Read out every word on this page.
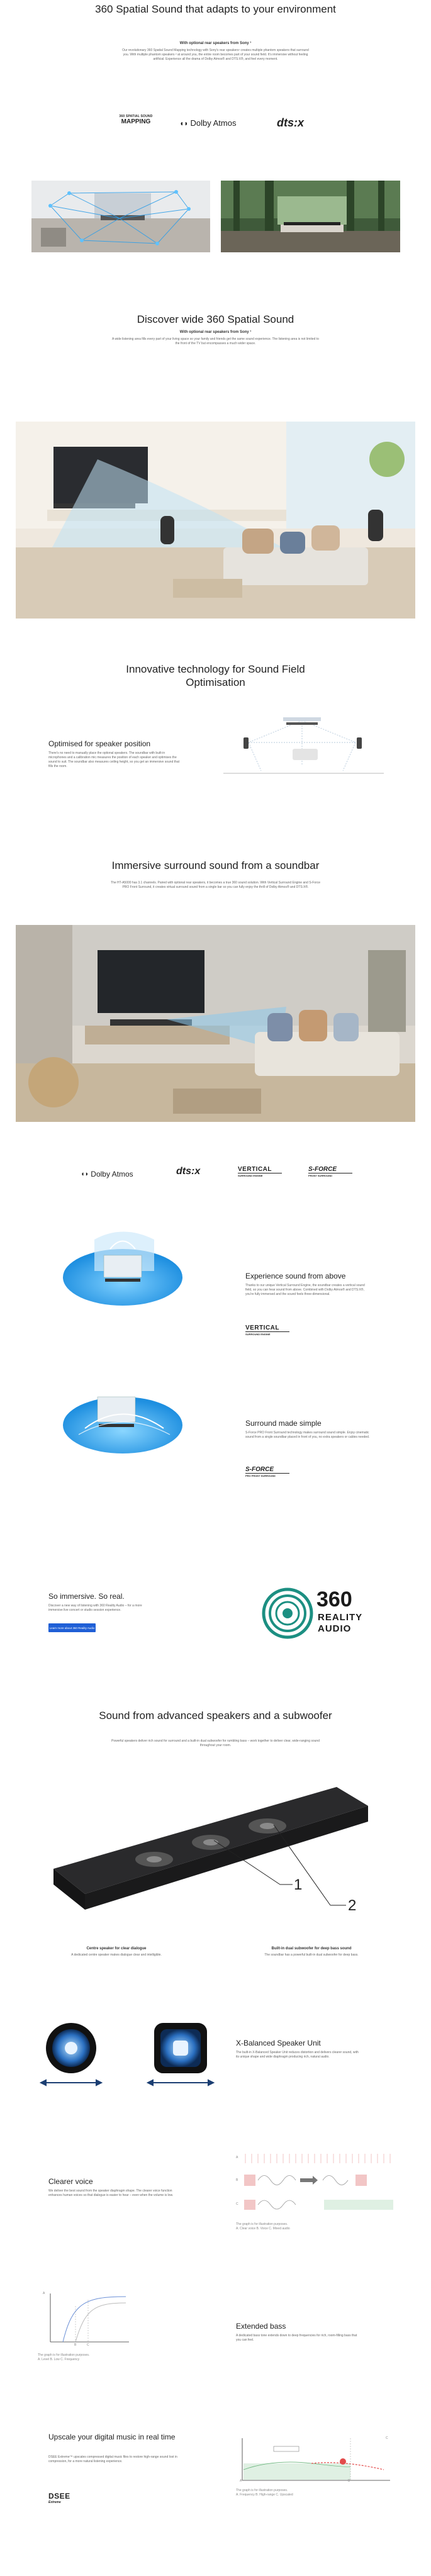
360 Spatial Sound that adapts to your environment
With optional rear speakers from Sony ¹

Our revolutionary 360 Spatial Sound Mapping technology with Sony's rear speakers¹ creates multiple phantom speakers that surround you. With multiple phantom speakers ² at around you, the entire room becomes part of your sound field. It's immersive without feeling artificial. Experience all the drama of Dolby Atmos® and DTS:X®, and feel every moment.

360 SPATIAL SOUND
MAPPING	◖◗ Dolby Atmos	dts:x
Discover wide 360 Spatial Sound
With optional rear speakers from Sony ¹

A wide listening area fills every part of your living space so your family and friends get the same sound experience. The listening area is not limited to the front of the TV but encompasses a much wider space.

Innovative technology for Sound Field Optimisation
Optimised for speaker position

There's no need to manually place the optional speakers. The soundbar with built-in microphones and a calibration mic measures the position of each speaker and optimises the sound to suit. The soundbar also measures ceiling height, so you get an immersive sound that fills the room.

Immersive surround sound from a soundbar

The HT-A5000 has 3.1 channels. Paired with optional rear speakers, it becomes a true 360 sound solution. With Vertical Surround Engine and S-Force PRO Front Surround, it creates virtual surround sound from a single bar so you can fully enjoy the thrill of Dolby Atmos® and DTS:X®.

◖◗ Dolby Atmos	dts:x	VERTICAL
SURROUND ENGINE
S-FORCE
FRONT SURROUND
Experience sound from above

Thanks to our unique Vertical Surround Engine, the soundbar creates a vertical sound field, so you can hear sound from above. Combined with Dolby Atmos® and DTS:X®, you're fully immersed and the sound feels three-dimensional.

VERTICAL
SURROUND ENGINE
Surround made simple

S-Force PRO Front Surround technology makes surround sound simple. Enjoy cinematic sound from a single soundbar placed in front of you, no extra speakers or cables needed.

S-FORCE
PRO FRONT SURROUND
So immersive. So real.

Discover a new way of listening with 360 Reality Audio – for a more immersive live concert or studio session experience.

Learn more about 360 Reality Audio
360
REALITY
AUDIO
Sound from advanced speakers and a subwoofer

Powerful speakers deliver rich sound for surround and a built-in dual subwoofer for rumbling bass – work together to deliver clear, wide-ranging sound throughout your room.

1
2
Centre speaker for clear dialogue

A dedicated centre speaker makes dialogue clear and intelligible.

Built-in dual subwoofer for deep bass sound

The soundbar has a powerful built-in dual subwoofer for deep bass.

X-Balanced Speaker Unit

The built-in X-Balanced Speaker Unit reduces distortion and delivers clearer sound, with its unique shape and wide diaphragm producing rich, natural audio.

Clearer voice

We deliver the best sound from the speaker diaphragm shape. The clearer voice function enhances human voices so that dialogue is easier to hear – even when the volume is low.

A
B
C

The graph is for illustration purposes.
A. Clear voice B. Voice C. Mixed audio

A
B	C

The graph is for illustration purposes.
A. Level B. Low C. Frequency

Extended bass

A dedicated bass tone extends down to deep frequencies for rich, room-filling bass that you can feel.

Upscale your digital music in real time

DSEE Extreme™ upscales compressed digital music files to restore high-range sound lost in compression, for a more natural listening experience.

DSEE
Extreme
A	B
C

The graph is for illustration purposes.
A. Frequency B. High-range C. Upscaled
